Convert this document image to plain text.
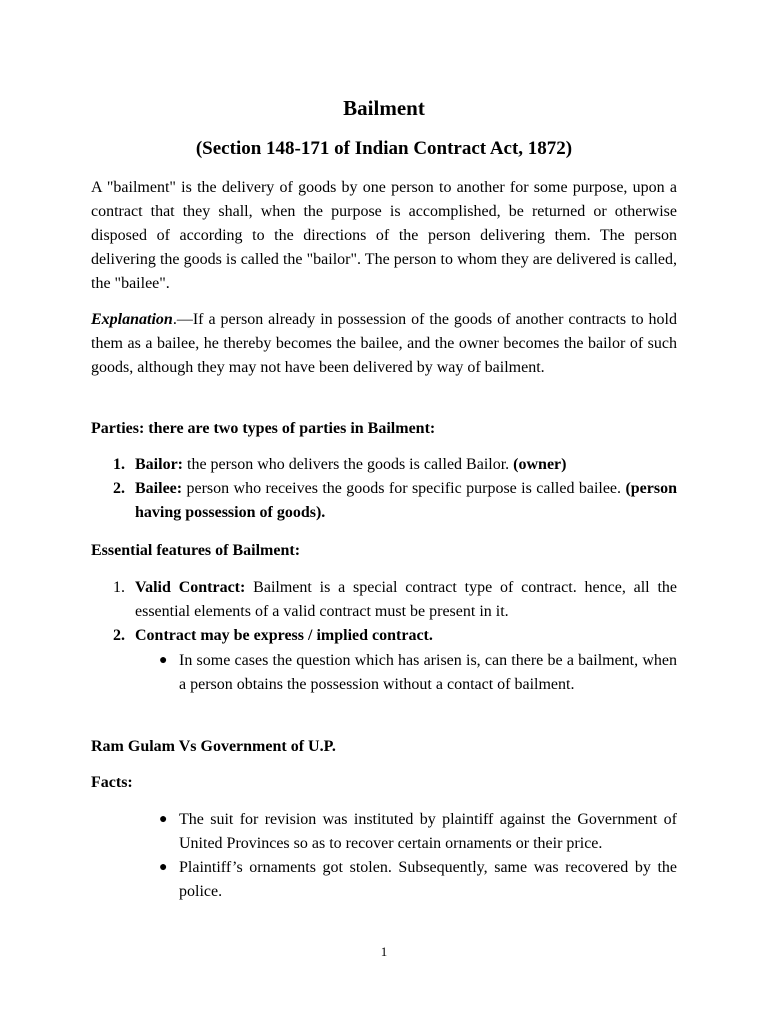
Bailment
(Section 148-171 of Indian Contract Act, 1872)

A "bailment" is the delivery of goods by one person to another for some purpose, upon a contract that they shall, when the purpose is accomplished, be returned or otherwise disposed of according to the directions of the person delivering them. The person delivering the goods is called the "bailor". The person to whom they are delivered is called, the "bailee".

Explanation.—If a person already in possession of the goods of another contracts to hold them as a bailee, he thereby becomes the bailee, and the owner becomes the bailor of such goods, although they may not have been delivered by way of bailment.

Parties: there are two types of parties in Bailment:

1. Bailor: the person who delivers the goods is called Bailor. (owner)
2. Bailee: person who receives the goods for specific purpose is called bailee. (person having possession of goods).

Essential features of Bailment:

1. Valid Contract: Bailment is a special contract type of contract. hence, all the essential elements of a valid contract must be present in it.
2. Contract may be express / implied contract.
● In some cases the question which has arisen is, can there be a bailment, when a person obtains the possession without a contact of bailment.

Ram Gulam Vs Government of U.P.

Facts:

● The suit for revision was instituted by plaintiff against the Government of United Provinces so as to recover certain ornaments or their price.
● Plaintiff’s ornaments got stolen. Subsequently, same was recovered by the police.
1
